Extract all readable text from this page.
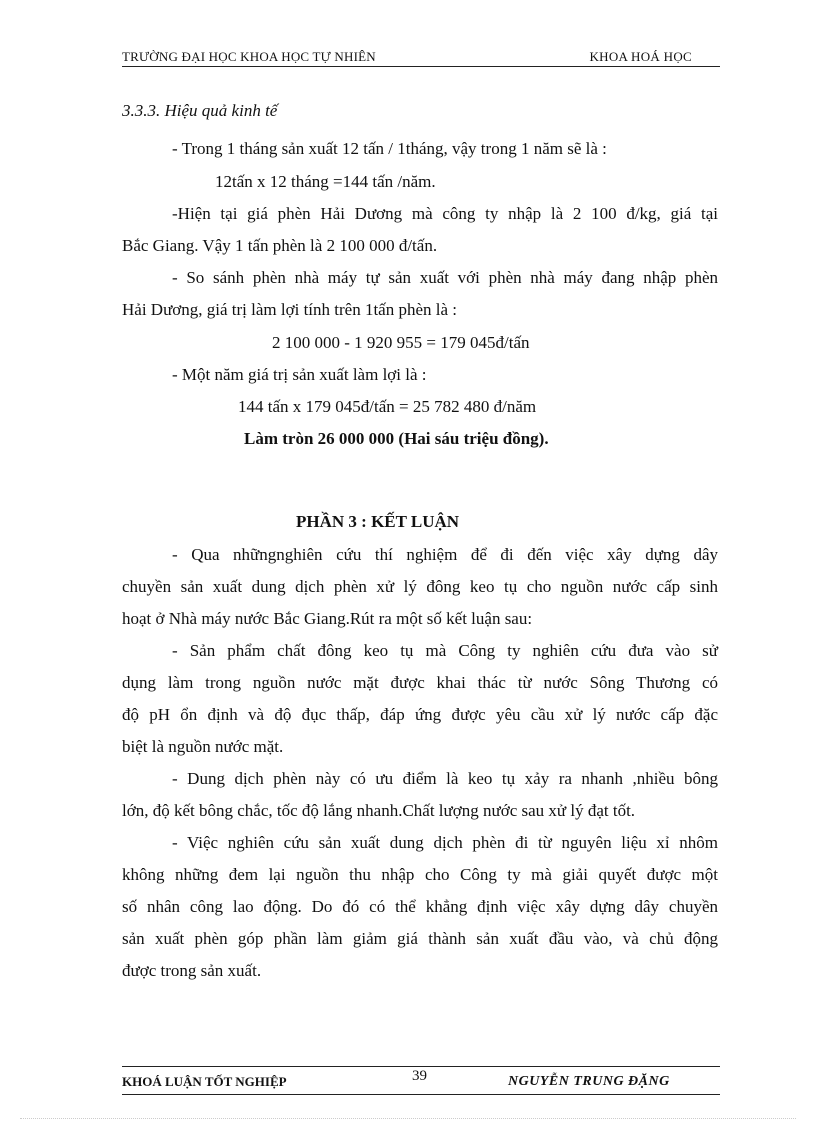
TRƯỜNG ĐẠI HỌC KHOA HỌC TỰ NHIÊN	KHOA HOÁ HỌC
3.3.3. Hiệu quả kinh tế
- Trong 1 tháng sản xuất 12 tấn / 1tháng, vậy trong 1 năm sẽ là :
12tấn x 12 tháng =144 tấn /năm.
-Hiện tại giá phèn Hải Dương mà công ty nhập là 2 100 đ/kg, giá tại
Bắc Giang. Vậy 1 tấn phèn là 2 100 000 đ/tấn.
- So sánh phèn nhà máy tự sản xuất với phèn nhà máy đang nhập phèn
Hải Dương, giá trị làm lợi tính trên 1tấn phèn là :
2 100 000 - 1 920 955 = 179 045đ/tấn
- Một năm giá trị sản xuất làm lợi là :
144 tấn x 179 045đ/tấn = 25 782 480 đ/năm
Làm tròn 26 000 000 (Hai sáu triệu đồng).
PHẦN 3 : KẾT LUẬN
- Qua nhữngnghiên cứu thí nghiệm để đi đến việc xây dựng dây
chuyền sản xuất dung dịch phèn xử lý đông keo tụ cho nguồn nước cấp sinh
hoạt ở Nhà máy nước Bắc Giang.Rút ra một số kết luận sau:
- Sản phẩm chất đông keo tụ mà Công ty nghiên cứu đưa vào sử
dụng làm trong nguồn nước mặt được khai thác từ nước Sông Thương có
độ pH ổn định và độ đục thấp, đáp ứng được yêu cầu xử lý nước cấp đặc
biệt là nguồn nước mặt.
- Dung dịch phèn này có ưu điểm là keo tụ xảy ra nhanh ,nhiều bông
lớn, độ kết bông chắc, tốc độ lắng nhanh.Chất lượng nước sau xử lý đạt tốt.
- Việc nghiên cứu sản xuất dung dịch phèn đi từ nguyên liệu xỉ nhôm
không những đem lại nguồn thu nhập cho Công ty mà giải quyết được một
số nhân công lao động. Do đó có thể khẳng định việc xây dựng dây chuyền
sản xuất phèn góp phần làm giảm giá thành sản xuất đầu vào, và chủ động
được trong sản xuất.
KHOÁ LUẬN TỐT NGHIỆP	39	NGUYỄN TRUNG ĐẶNG
